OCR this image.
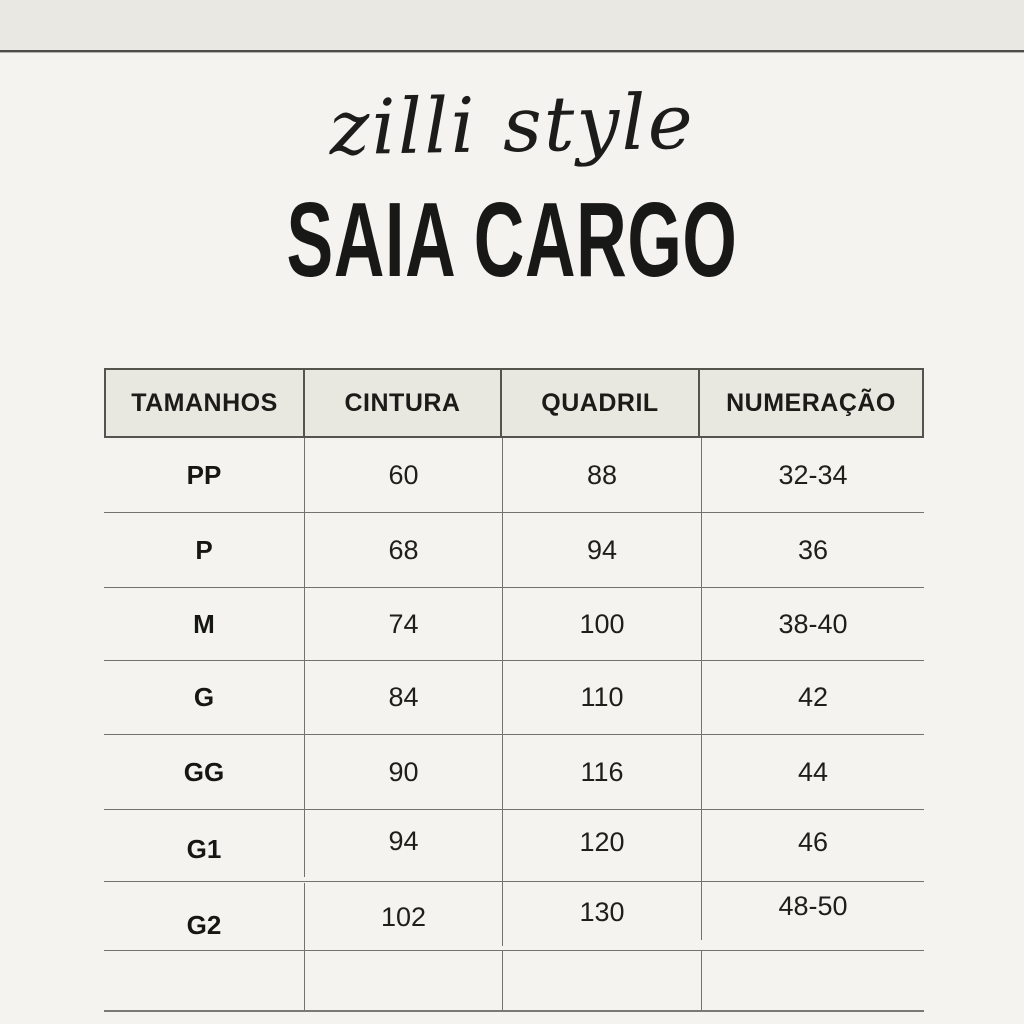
zilli style
SAIA CARGO
TAMANHOS	CINTURA	QUADRIL	NUMERAÇÃO
PP	60	88	32-34
P	68	94	36
M	74	100	38-40
G	84	110	42
GG	90	116	44
G1	94	120	46
G2	102	130	48-50
